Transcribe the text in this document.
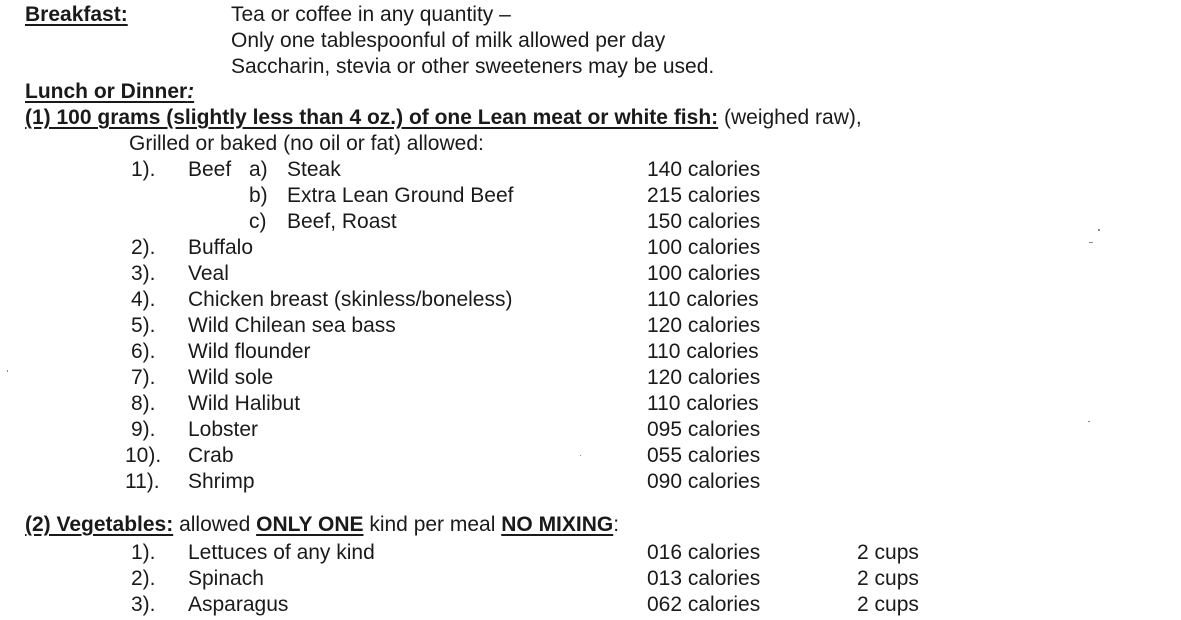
Breakfast:	Tea or coffee in any quantity –
Only one tablespoonful of milk allowed per day
Saccharin, stevia or other sweeteners may be used.
Lunch or Dinner:
(1) 100 grams (slightly less than 4 oz.) of one Lean meat or white fish: (weighed raw),
Grilled or baked (no oil or fat) allowed:
1). Beef a) Steak	140 calories
b) Extra Lean Ground Beef	215 calories
c) Beef, Roast	150 calories
2). Buffalo	100 calories
3). Veal	100 calories
4). Chicken breast (skinless/boneless)	110 calories
5). Wild Chilean sea bass	120 calories
6). Wild flounder	110 calories
7). Wild sole	120 calories
8). Wild Halibut	110 calories
9). Lobster	095 calories
10). Crab	055 calories
11). Shrimp	090 calories
(2) Vegetables: allowed ONLY ONE kind per meal NO MIXING:
1). Lettuces of any kind	016 calories	2 cups
2). Spinach	013 calories	2 cups
3). Asparagus	062 calories	2 cups
